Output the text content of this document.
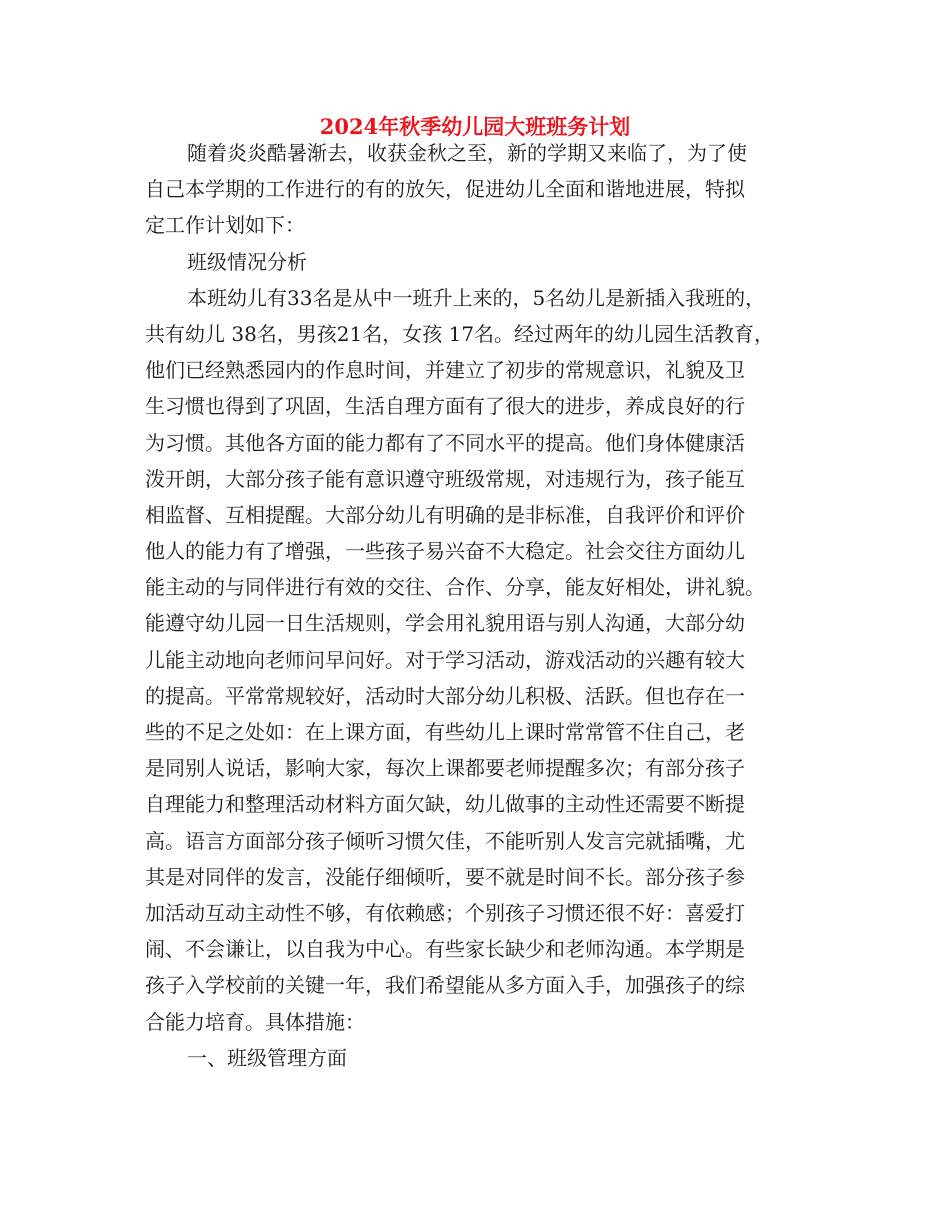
2024年秋季幼儿园大班班务计划
随着炎炎酷暑渐去，收获金秋之至，新的学期又来临了，为了使
自己本学期的工作进行的有的放矢，促进幼儿全面和谐地进展，特拟
定工作计划如下：
班级情况分析
本班幼儿有33名是从中一班升上来的，5名幼儿是新插入我班的，
共有幼儿 38名，男孩21名，女孩 17名。经过两年的幼儿园生活教育，
他们已经熟悉园内的作息时间，并建立了初步的常规意识，礼貌及卫
生习惯也得到了巩固，生活自理方面有了很大的进步，养成良好的行
为习惯。其他各方面的能力都有了不同水平的提高。他们身体健康活
泼开朗，大部分孩子能有意识遵守班级常规，对违规行为，孩子能互
相监督、互相提醒。大部分幼儿有明确的是非标准，自我评价和评价
他人的能力有了增强，一些孩子易兴奋不大稳定。社会交往方面幼儿
能主动的与同伴进行有效的交往、合作、分享，能友好相处，讲礼貌。
能遵守幼儿园一日生活规则，学会用礼貌用语与别人沟通，大部分幼
儿能主动地向老师问早问好。对于学习活动，游戏活动的兴趣有较大
的提高。平常常规较好，活动时大部分幼儿积极、活跃。但也存在一
些的不足之处如：在上课方面，有些幼儿上课时常常管不住自己，老
是同别人说话，影响大家，每次上课都要老师提醒多次；有部分孩子
自理能力和整理活动材料方面欠缺，幼儿做事的主动性还需要不断提
高。语言方面部分孩子倾听习惯欠佳，不能听别人发言完就插嘴，尤
其是对同伴的发言，没能仔细倾听，要不就是时间不长。部分孩子参
加活动互动主动性不够，有依赖感；个别孩子习惯还很不好：喜爱打
闹、不会谦让，以自我为中心。有些家长缺少和老师沟通。本学期是
孩子入学校前的关键一年，我们希望能从多方面入手，加强孩子的综
合能力培育。具体措施：
一、班级管理方面
